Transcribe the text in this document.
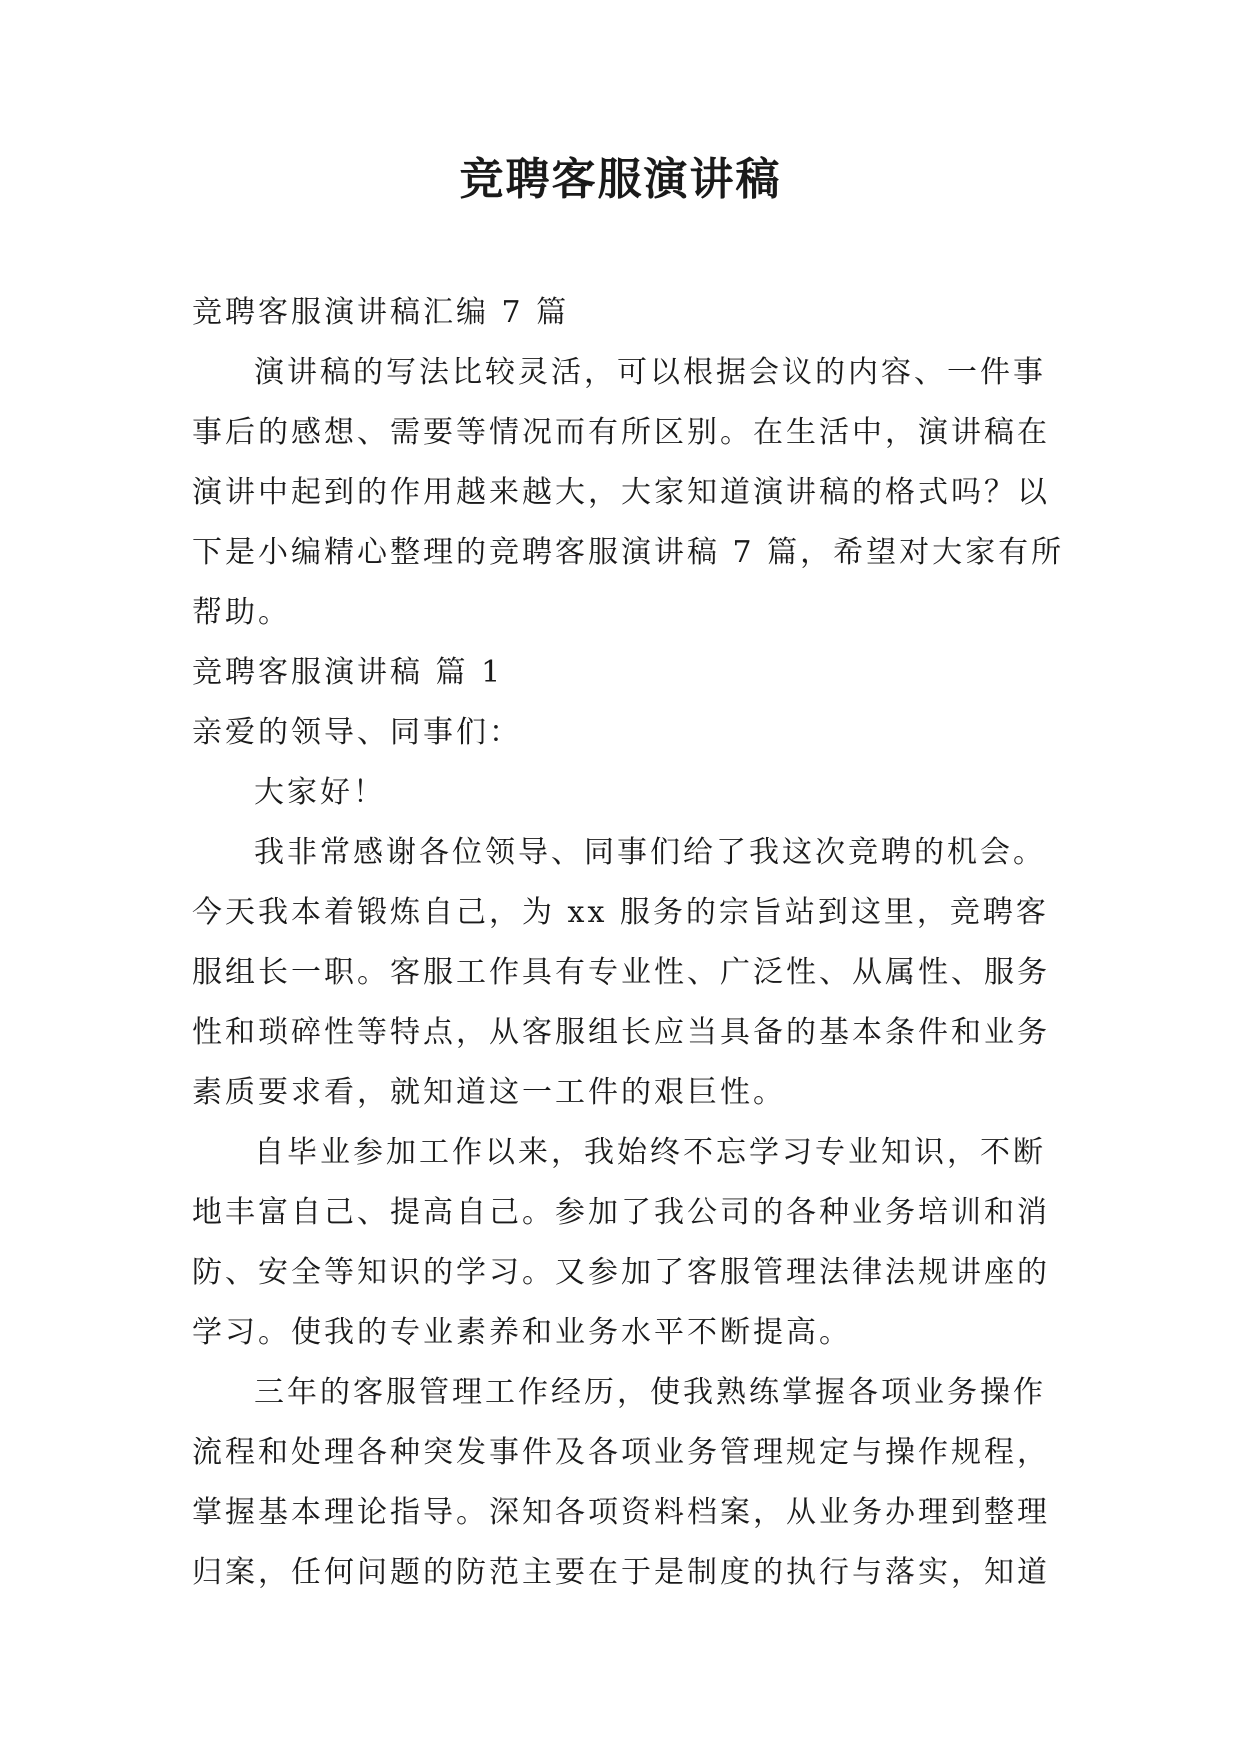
竞聘客服演讲稿
竞聘客服演讲稿汇编 7 篇
演讲稿的写法比较灵活，可以根据会议的内容、一件事
事后的感想、需要等情况而有所区别。在生活中，演讲稿在
演讲中起到的作用越来越大，大家知道演讲稿的格式吗？以
下是小编精心整理的竞聘客服演讲稿 7 篇，希望对大家有所
帮助。
竞聘客服演讲稿 篇 1
亲爱的领导、同事们：
大家好！
我非常感谢各位领导、同事们给了我这次竞聘的机会。
今天我本着锻炼自己，为 xx 服务的宗旨站到这里，竞聘客
服组长一职。客服工作具有专业性、广泛性、从属性、服务
性和琐碎性等特点，从客服组长应当具备的基本条件和业务
素质要求看，就知道这一工件的艰巨性。
自毕业参加工作以来，我始终不忘学习专业知识，不断
地丰富自己、提高自己。参加了我公司的各种业务培训和消
防、安全等知识的学习。又参加了客服管理法律法规讲座的
学习。使我的专业素养和业务水平不断提高。
三年的客服管理工作经历，使我熟练掌握各项业务操作
流程和处理各种突发事件及各项业务管理规定与操作规程，
掌握基本理论指导。深知各项资料档案，从业务办理到整理
归案，任何问题的防范主要在于是制度的执行与落实，知道
